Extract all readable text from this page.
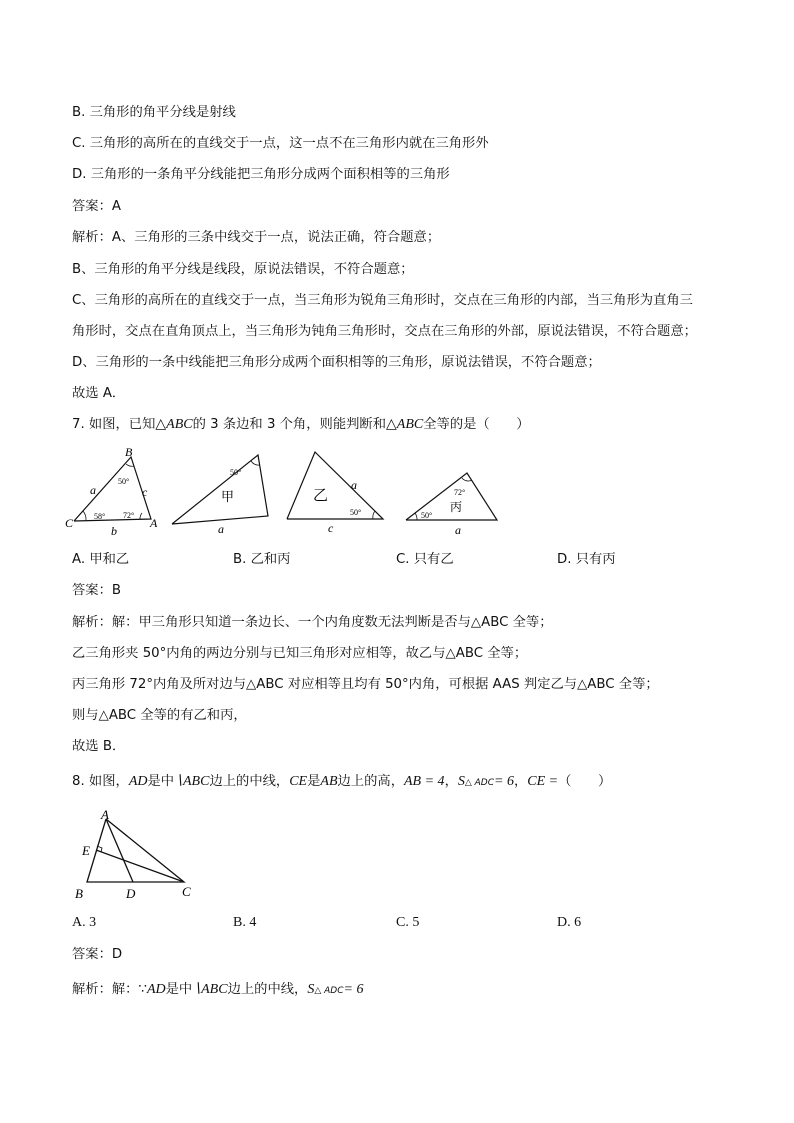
B. 三角形的角平分线是射线
C. 三角形的高所在的直线交于一点，这一点不在三角形内就在三角形外
D. 三角形的一条角平分线能把三角形分成两个面积相等的三角形
答案：A
解析：A、三角形的三条中线交于一点，说法正确，符合题意；
B、三角形的角平分线是线段，原说法错误，不符合题意；
C、三角形的高所在的直线交于一点，当三角形为锐角三角形时，交点在三角形的内部，当三角形为直角三
角形时，交点在直角顶点上，当三角形为钝角三角形时，交点在三角形的外部，原说法错误，不符合题意；
D、三角形的一条中线能把三角形分成两个面积相等的三角形，原说法错误，不符合题意；
故选 A．
7. 如图，已知△ABC的 3 条边和 3 个角，则能判断和△ABC全等的是（　　）
B
C	A
a	c
b
50°
58° 72°
50°
甲
a
乙
a
c
50°
72°
丙
50°
a
A. 甲和乙	B. 乙和丙	C. 只有乙	D. 只有丙
答案：B
解析：解：甲三角形只知道一条边长、一个内角度数无法判断是否与△ABC 全等；
乙三角形夹 50°内角的两边分别与已知三角形对应相等，故乙与△ABC 全等；
丙三角形 72°内角及所对边与△ABC 对应相等且均有 50°内角，可根据 AAS 判定乙与△ABC 全等；
则与△ABC 全等的有乙和丙，
故选 B．
8. 如图，AD是中∖ABC边上的中线，CE是AB边上的高，AB = 4，S△ ADC= 6，CE =（　　）
A
E
B	D	C
A. 3	B. 4	C. 5	D. 6
答案：D
解析：解：∵AD是中∖ABC边上的中线，S△ ADC= 6
